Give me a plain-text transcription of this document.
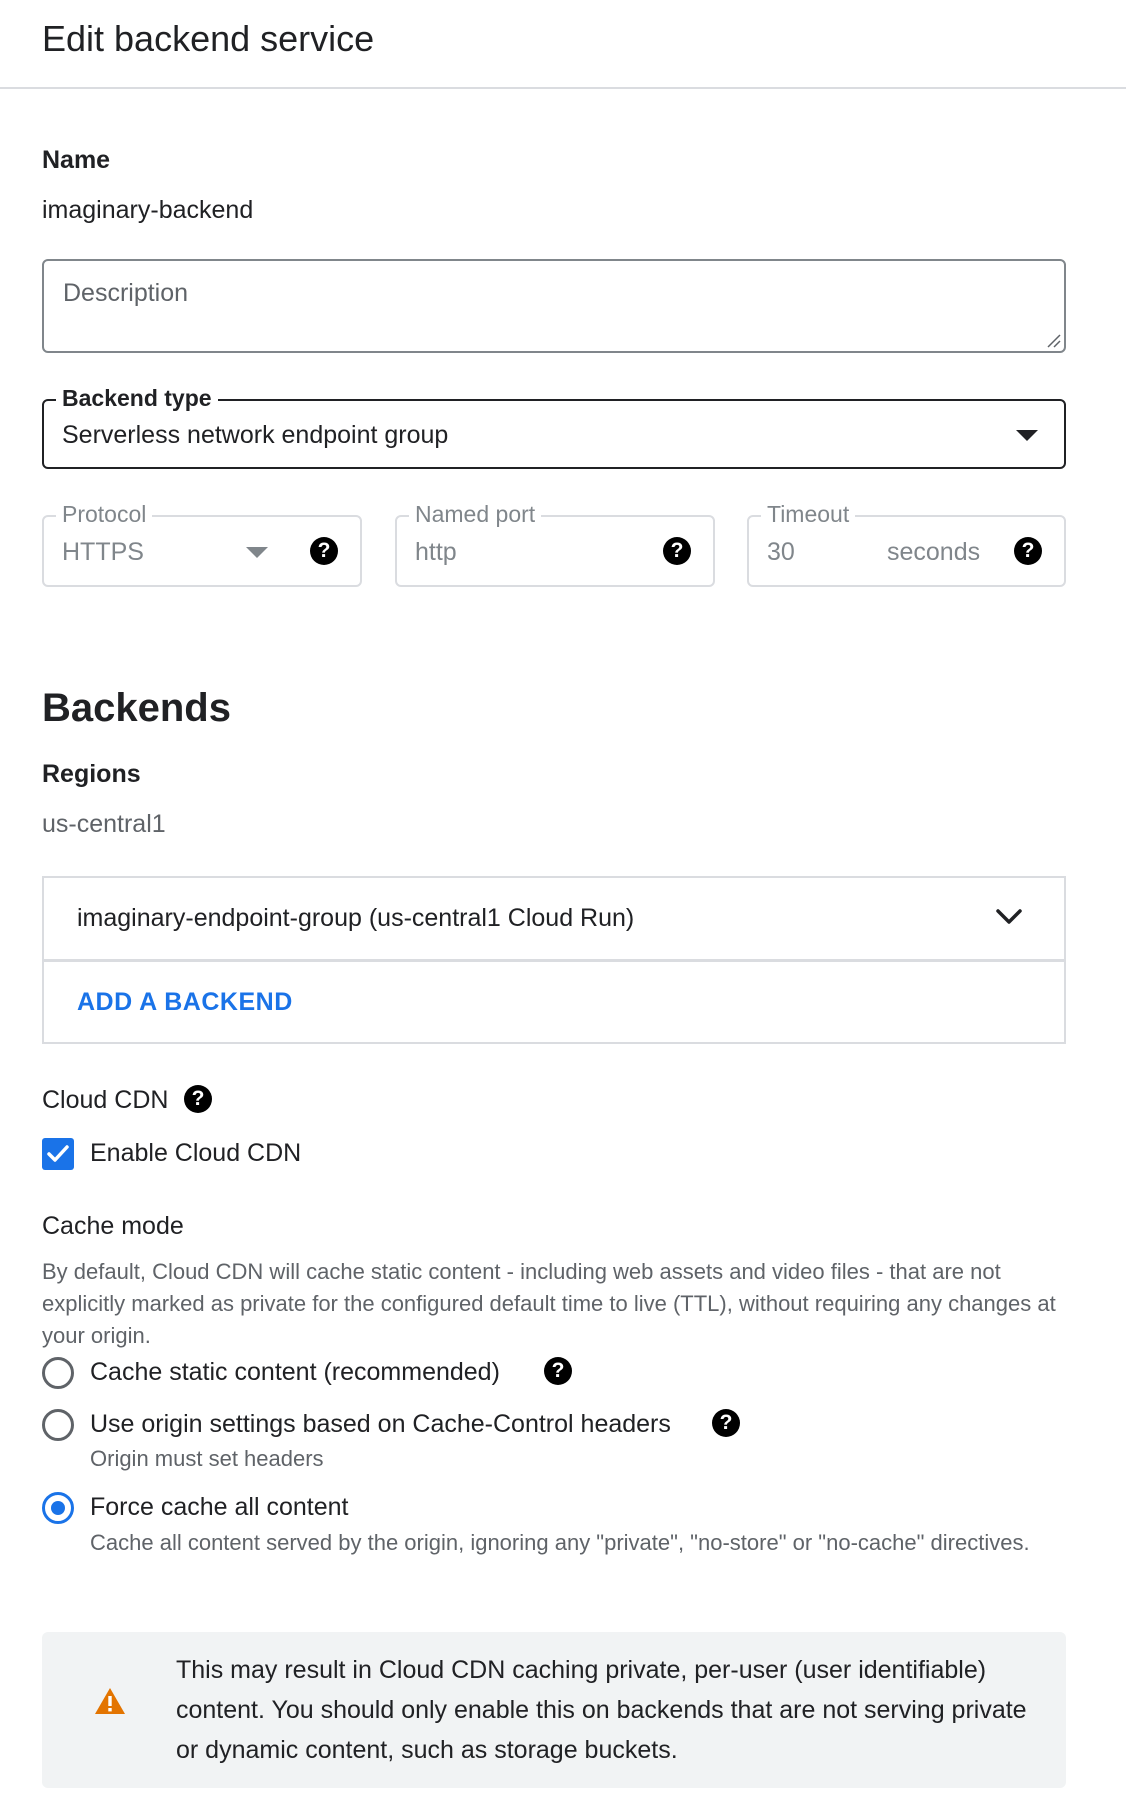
Edit backend service
Name
imaginary-backend
Description
Backend type
Serverless network endpoint group
Protocol
HTTPS	?
Named port
http	?
Timeout
30	seconds	?
Backends
Regions
us-central1
imaginary-endpoint-group (us-central1 Cloud Run)
ADD A BACKEND
Cloud CDN	?
Enable Cloud CDN
Cache mode
By default, Cloud CDN will cache static content - including web assets and video files - that are not explicitly marked as private for the configured default time to live (TTL), without requiring any changes at your origin.
Cache static content (recommended)	?
Use origin settings based on Cache-Control headers	?
Origin must set headers
Force cache all content
Cache all content served by the origin, ignoring any "private", "no-store" or "no-cache" directives.
This may result in Cloud CDN caching private, per-user (user identifiable) content. You should only enable this on backends that are not serving private or dynamic content, such as storage buckets.
